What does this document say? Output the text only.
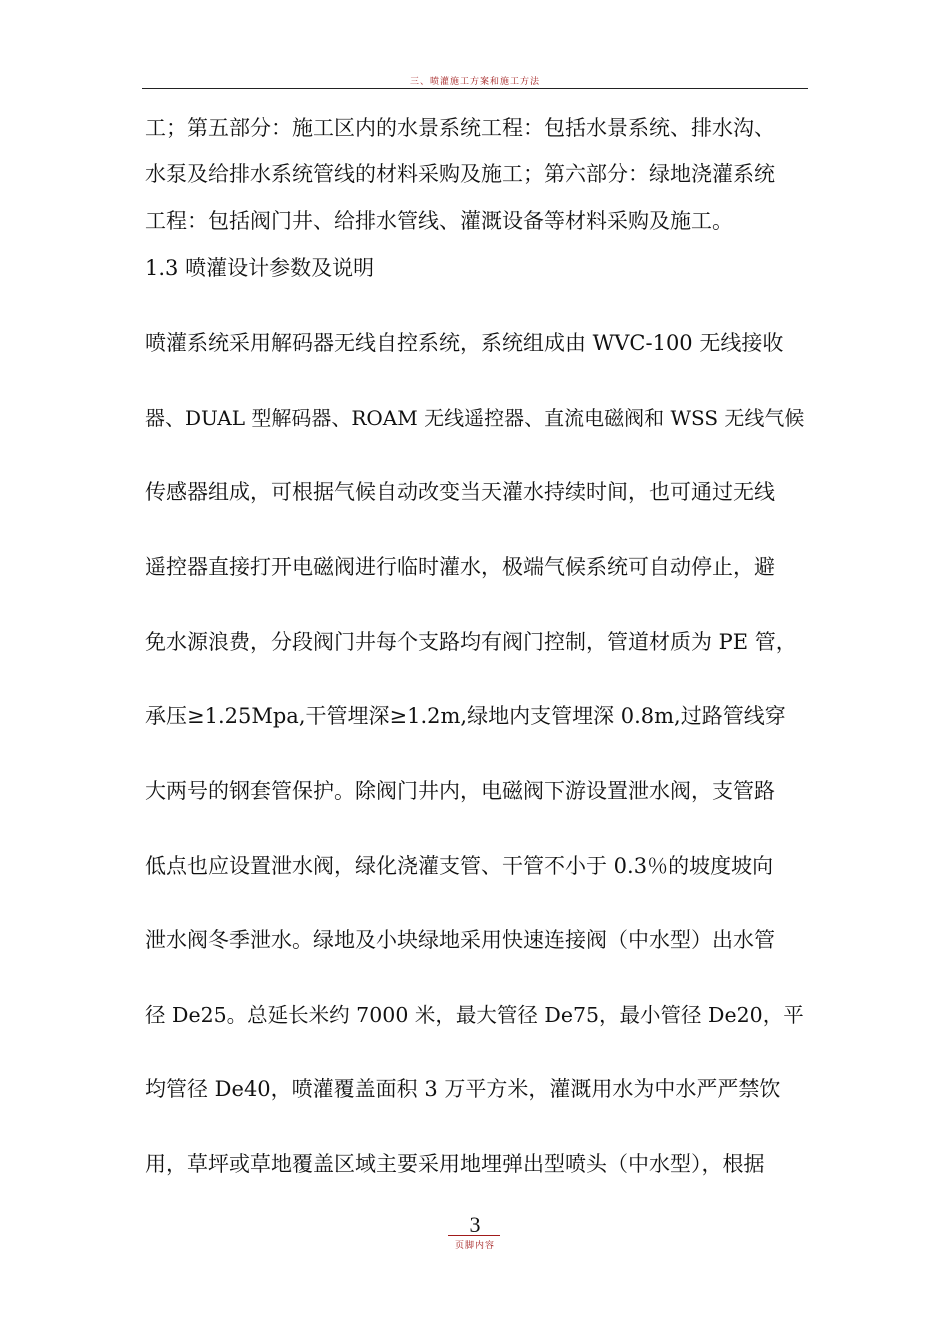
三、喷灌施工方案和施工方法
工；第五部分：施工区内的水景系统工程：包括水景系统、排水沟、
水泵及给排水系统管线的材料采购及施工；第六部分：绿地浇灌系统
工程：包括阀门井、给排水管线、灌溉设备等材料采购及施工。
1.3 喷灌设计参数及说明
喷灌系统采用解码器无线自控系统，系统组成由 WVC-100 无线接收
器、DUAL 型解码器、ROAM 无线遥控器、直流电磁阀和 WSS 无线气候
传感器组成，可根据气候自动改变当天灌水持续时间，也可通过无线
遥控器直接打开电磁阀进行临时灌水，极端气候系统可自动停止，避
免水源浪费，分段阀门井每个支路均有阀门控制，管道材质为 PE 管，
承压≥1.25Mpa,干管埋深≥1.2m,绿地内支管埋深 0.8m,过路管线穿
大两号的钢套管保护。除阀门井内，电磁阀下游设置泄水阀，支管路
低点也应设置泄水阀，绿化浇灌支管、干管不小于 0.3％的坡度坡向
泄水阀冬季泄水。绿地及小块绿地采用快速连接阀（中水型）出水管
径 De25。总延长米约 7000 米，最大管径 De75，最小管径 De20，平
均管径 De40，喷灌覆盖面积 3 万平方米，灌溉用水为中水严严禁饮
用，草坪或草地覆盖区域主要采用地埋弹出型喷头（中水型），根据
3
页脚内容
